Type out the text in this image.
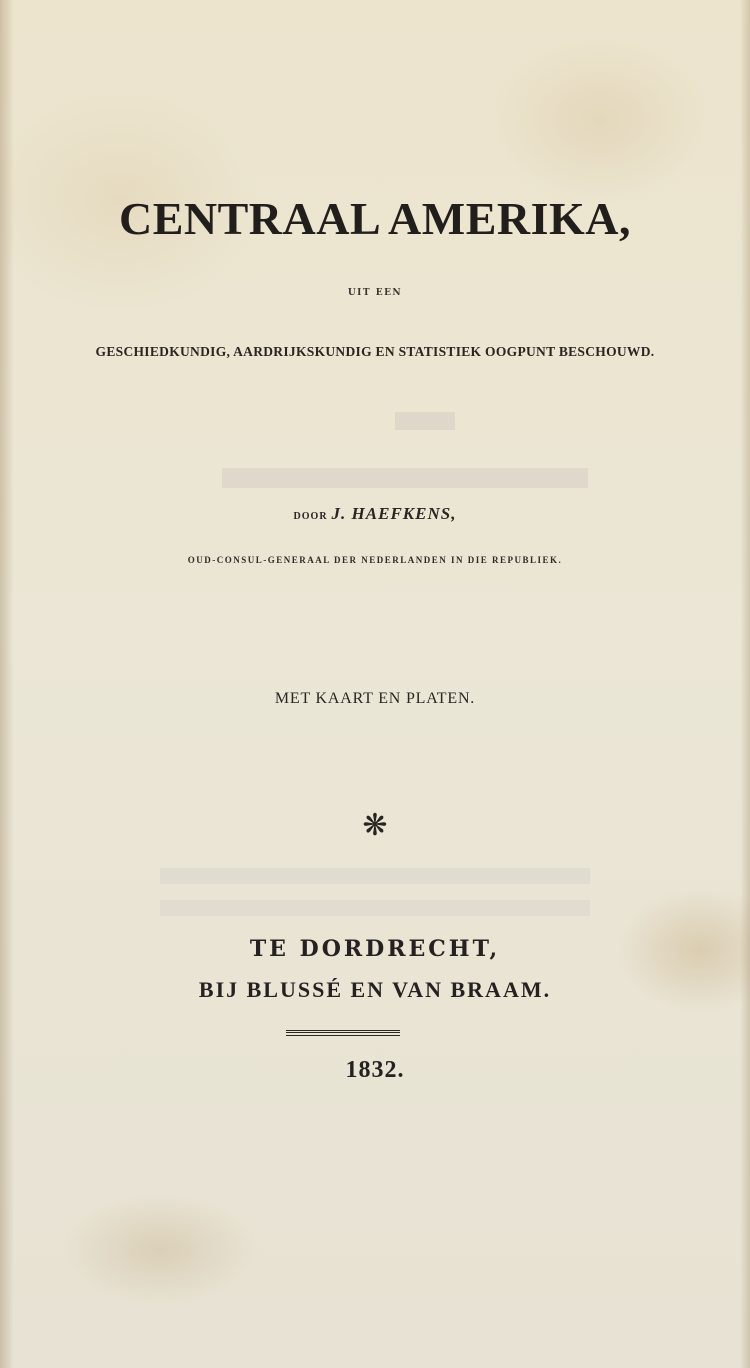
CENTRAAL AMERIKA,
UIT EEN
GESCHIEDKUNDIG, AARDRIJKSKUNDIG EN STATISTIEK OOGPUNT BESCHOUWD.
DOOR J. HAEFKENS,
OUD-CONSUL-GENERAAL DER NEDERLANDEN IN DIE REPUBLIEK.
MET KAART EN PLATEN.
❋
TE DORDRECHT,
BIJ BLUSSÉ EN VAN BRAAM.
1832.
